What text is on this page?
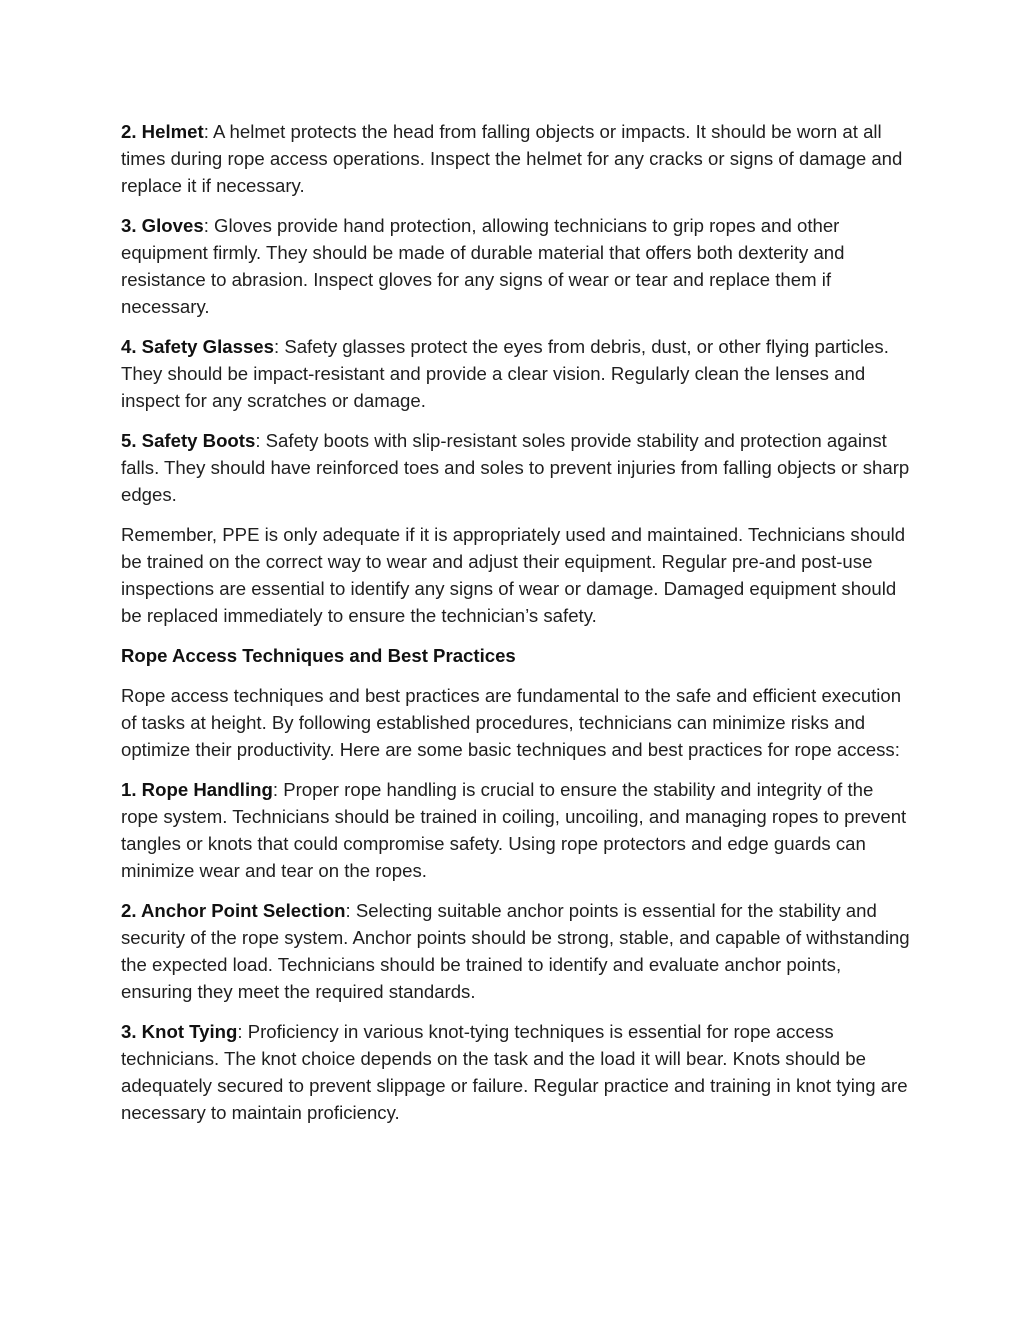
2. Helmet: A helmet protects the head from falling objects or impacts. It should be worn at all times during rope access operations. Inspect the helmet for any cracks or signs of damage and replace it if necessary.

3. Gloves: Gloves provide hand protection, allowing technicians to grip ropes and other equipment firmly. They should be made of durable material that offers both dexterity and resistance to abrasion. Inspect gloves for any signs of wear or tear and replace them if necessary.

4. Safety Glasses: Safety glasses protect the eyes from debris, dust, or other flying particles. They should be impact-resistant and provide a clear vision. Regularly clean the lenses and inspect for any scratches or damage.

5. Safety Boots: Safety boots with slip-resistant soles provide stability and protection against falls. They should have reinforced toes and soles to prevent injuries from falling objects or sharp edges.

Remember, PPE is only adequate if it is appropriately used and maintained. Technicians should be trained on the correct way to wear and adjust their equipment. Regular pre-and post-use inspections are essential to identify any signs of wear or damage. Damaged equipment should be replaced immediately to ensure the technician’s safety.

Rope Access Techniques and Best Practices

Rope access techniques and best practices are fundamental to the safe and efficient execution of tasks at height. By following established procedures, technicians can minimize risks and optimize their productivity. Here are some basic techniques and best practices for rope access:

1. Rope Handling: Proper rope handling is crucial to ensure the stability and integrity of the rope system. Technicians should be trained in coiling, uncoiling, and managing ropes to prevent tangles or knots that could compromise safety. Using rope protectors and edge guards can minimize wear and tear on the ropes.

2. Anchor Point Selection: Selecting suitable anchor points is essential for the stability and security of the rope system. Anchor points should be strong, stable, and capable of withstanding the expected load. Technicians should be trained to identify and evaluate anchor points, ensuring they meet the required standards.

3. Knot Tying: Proficiency in various knot-tying techniques is essential for rope access technicians. The knot choice depends on the task and the load it will bear. Knots should be adequately secured to prevent slippage or failure. Regular practice and training in knot tying are necessary to maintain proficiency.
